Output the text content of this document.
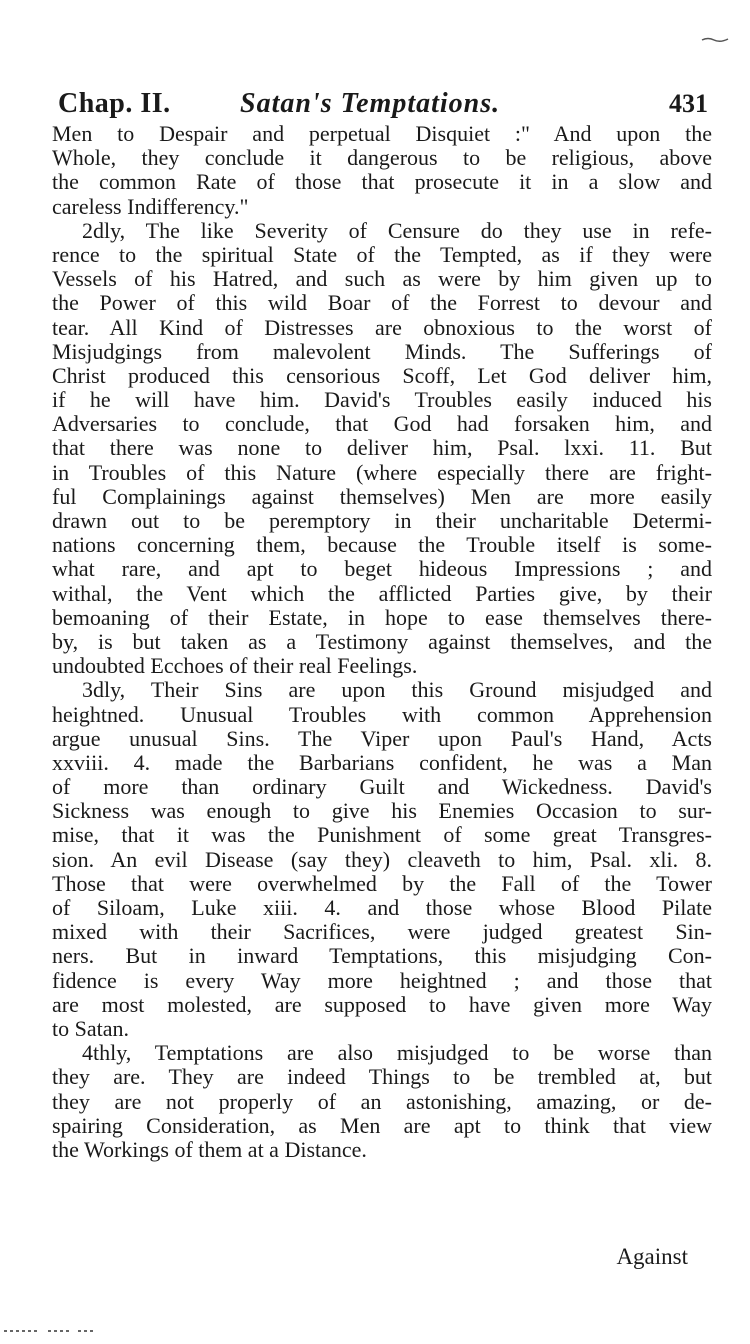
Chap. II. Satan's Temptations.	431
Men to Despair and perpetual Disquiet :" And upon the
Whole, they conclude it dangerous to be religious, above
the common Rate of those that prosecute it in a slow and
careless Indifferency."
2dly, The like Severity of Censure do they use in refe-
rence to the spiritual State of the Tempted, as if they were
Vessels of his Hatred, and such as were by him given up to
the Power of this wild Boar of the Forrest to devour and
tear. All Kind of Distresses are obnoxious to the worst of
Misjudgings from malevolent Minds. The Sufferings of
Christ produced this censorious Scoff, Let God deliver him,
if he will have him. David's Troubles easily induced his
Adversaries to conclude, that God had forsaken him, and
that there was none to deliver him, Psal. lxxi. 11. But
in Troubles of this Nature (where especially there are fright-
ful Complainings against themselves) Men are more easily
drawn out to be peremptory in their uncharitable Determi-
nations concerning them, because the Trouble itself is some-
what rare, and apt to beget hideous Impressions ; and
withal, the Vent which the afflicted Parties give, by their
bemoaning of their Estate, in hope to ease themselves there-
by, is but taken as a Testimony against themselves, and the
undoubted Ecchoes of their real Feelings.
3dly, Their Sins are upon this Ground misjudged and
heightned. Unusual Troubles with common Apprehension
argue unusual Sins. The Viper upon Paul's Hand, Acts
xxviii. 4. made the Barbarians confident, he was a Man
of more than ordinary Guilt and Wickedness. David's
Sickness was enough to give his Enemies Occasion to sur-
mise, that it was the Punishment of some great Transgres-
sion. An evil Disease (say they) cleaveth to him, Psal. xli. 8.
Those that were overwhelmed by the Fall of the Tower
of Siloam, Luke xiii. 4. and those whose Blood Pilate
mixed with their Sacrifices, were judged greatest Sin-
ners. But in inward Temptations, this misjudging Con-
fidence is every Way more heightned ; and those that
are most molested, are supposed to have given more Way
to Satan.
4thly, Temptations are also misjudged to be worse than
they are. They are indeed Things to be trembled at, but
they are not properly of an astonishing, amazing, or de-
spairing Consideration, as Men are apt to think that view
the Workings of them at a Distance.
Against
